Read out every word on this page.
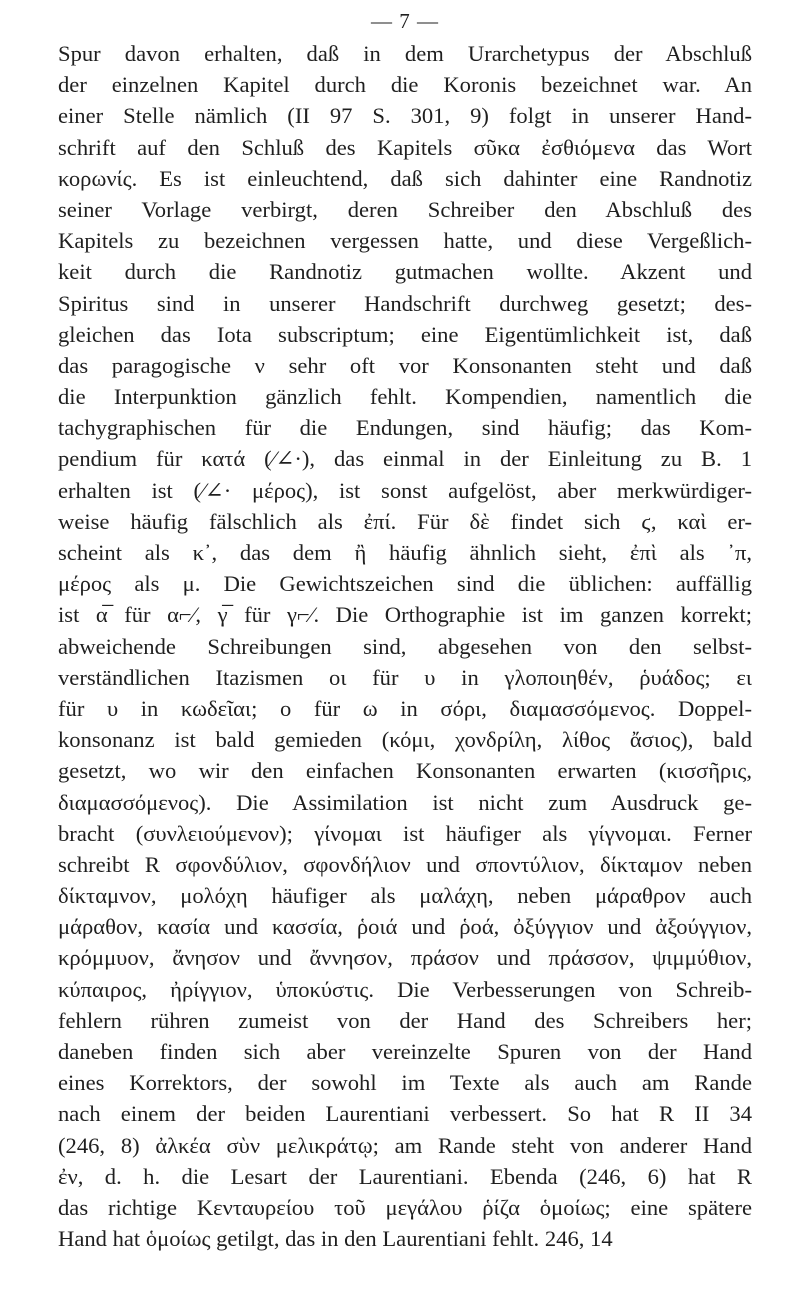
— 7 —
Spur davon erhalten, daß in dem Urarchetypus der Abschluß
der einzelnen Kapitel durch die Koronis bezeichnet war. An
einer Stelle nämlich (II 97 S. 301, 9) folgt in unserer Hand-
schrift auf den Schluß des Kapitels σῦκα ἐσθιόμενα das Wort
κορωνίς. Es ist einleuchtend, daß sich dahinter eine Randnotiz
seiner Vorlage verbirgt, deren Schreiber den Abschluß des
Kapitels zu bezeichnen vergessen hatte, und diese Vergeßlich-
keit durch die Randnotiz gutmachen wollte. Akzent und
Spiritus sind in unserer Handschrift durchweg gesetzt; des-
gleichen das Iota subscriptum; eine Eigentümlichkeit ist, daß
das paragogische ν sehr oft vor Konsonanten steht und daß
die Interpunktion gänzlich fehlt. Kompendien, namentlich die
tachygraphischen für die Endungen, sind häufig; das Kom-
pendium für κατά (⁄∠·), das einmal in der Einleitung zu B. 1
erhalten ist (⁄∠· μέρος), ist sonst aufgelöst, aber merkwürdiger-
weise häufig fälschlich als ἐπί. Für δὲ findet sich ϛ, καὶ er-
scheint als κ᾿, das dem ἢ häufig ähnlich sieht, ἐπὶ als ᾿π,
μέρος als μ. Die Gewichtszeichen sind die üblichen: auffällig
ist α̅ für α⌐⁄, γ̅ für γ⌐⁄. Die Orthographie ist im ganzen korrekt;
abweichende Schreibungen sind, abgesehen von den selbst-
verständlichen Itazismen οι für υ in γλοποιηθέν, ῥυάδος; ει
für υ in κωδεῖαι; ο für ω in σόρι, διαμασσόμενος. Doppel-
konsonanz ist bald gemieden (κόμι, χονδρίλη, λίθος ἄσιος), bald
gesetzt, wo wir den einfachen Konsonanten erwarten (κισσῆρις,
διαμασσόμενος). Die Assimilation ist nicht zum Ausdruck ge-
bracht (συνλειούμενον); γίνομαι ist häufiger als γίγνομαι. Ferner
schreibt R σφονδύλιον, σφονδήλιον und σποντύλιον, δίκταμον neben
δίκταμνον, μολόχη häufiger als μαλάχη, neben μάραθρον auch
μάραθον, κασία und κασσία, ῥοιά und ῥοά, ὀξύγγιον und ἀξούγγιον,
κρόμμυον, ἄνησον und ἄννησον, πράσον und πράσσον, ψιμμύθιον,
κύπαιρος, ἠρίγγιον, ὑποκύστις. Die Verbesserungen von Schreib-
fehlern rühren zumeist von der Hand des Schreibers her;
daneben finden sich aber vereinzelte Spuren von der Hand
eines Korrektors, der sowohl im Texte als auch am Rande
nach einem der beiden Laurentiani verbessert. So hat R II 34
(246, 8) ἀλκέα σὺν μελικράτῳ; am Rande steht von anderer Hand
ἐν, d. h. die Lesart der Laurentiani. Ebenda (246, 6) hat R
das richtige Κενταυρείου τοῦ μεγάλου ῥίζα ὁμοίως; eine spätere
Hand hat ὁμοίως getilgt, das in den Laurentiani fehlt. 246, 14
